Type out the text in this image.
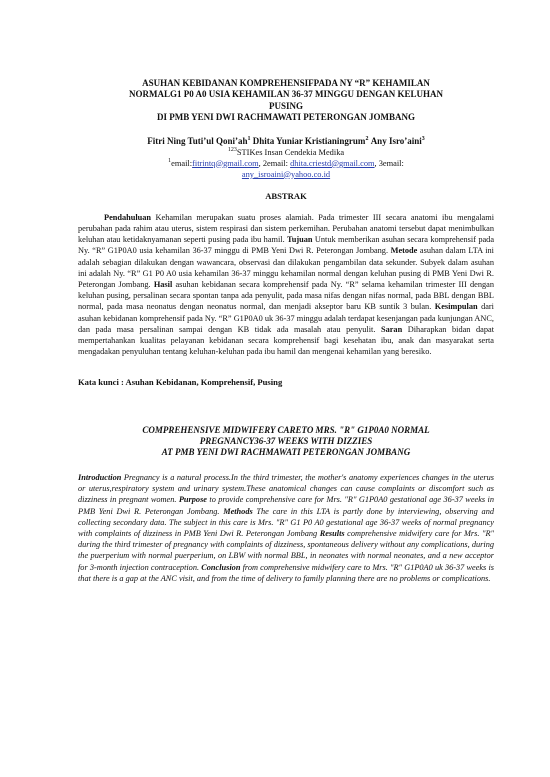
ASUHAN KEBIDANAN KOMPREHENSIFPADA NY “R” KEHAMILAN
NORMALG1 P0 A0 USIA KEHAMILAN 36-37 MINGGU DENGAN KELUHAN
PUSING
DI PMB YENI DWI RACHMAWATI PETERONGAN JOMBANG
Fitri Ning Tuti’ul $Qoni’ah^1$ Dhita Yuniar Kristianingrum$^2$ Any Isro’aini$^3$
$^{123}$STIKes Insan Cendekia Medika
$^1$email:fitrintq@gmail.com, 2email: dhita.criestd@gmail.com, 3email:
any_isroaini@yahoo.co.id
ABSTRAK
Pendahuluan Kehamilan merupakan suatu proses alamiah. Pada trimester III secara anatomi ibu mengalami perubahan pada rahim atau uterus, sistem respirasi dan sistem perkemihan. Perubahan anatomi tersebut dapat menimbulkan keluhan atau ketidaknyamanan seperti pusing pada ibu hamil. Tujuan Untuk memberikan asuhan secara komprehensif pada Ny. “R” G1P0A0 usia kehamilan 36-37 minggu di PMB Yeni Dwi R. Peterongan Jombang. Metode asuhan dalam LTA ini adalah sebagian dilakukan dengan wawancara, observasi dan dilakukan pengambilan data sekunder. Subyek dalam asuhan ini adalah Ny. “R” G1 P0 A0 usia kehamilan 36-37 minggu kehamilan normal dengan keluhan pusing di PMB Yeni Dwi R. Peterongan Jombang. Hasil asuhan kebidanan secara komprehensif pada Ny. “R” selama kehamilan trimester III dengan keluhan pusing, persalinan secara spontan tanpa ada penyulit, pada masa nifas dengan nifas normal, pada BBL dengan BBL normal, pada masa neonatus dengan neonatus normal, dan menjadi akseptor baru KB suntik 3 bulan. Kesimpulan dari asuhan kebidanan komprehensif pada Ny. “R” G1P0A0 uk 36-37 minggu adalah terdapat kesenjangan pada kunjungan ANC, dan pada masa persalinan sampai dengan KB tidak ada masalah atau penyulit. Saran Diharapkan bidan dapat mempertahankan kualitas pelayanan kebidanan secara komprehensif bagi kesehatan ibu, anak dan masyarakat serta mengadakan penyuluhan tentang keluhan-keluhan pada ibu hamil dan mengenai kehamilan yang beresiko.
Kata kunci : Asuhan Kebidanan, Komprehensif, Pusing
COMPREHENSIVE MIDWIFERY CARETO MRS. "R" G1P0A0 NORMAL
PREGNANCY36-37 WEEKS WITH DIZZIES
AT PMB YENI DWI RACHMAWATI PETERONGAN JOMBANG
Introduction Pregnancy is a natural process.In the third trimester, the mother's anatomy experiences changes in the uterus or uterus,respiratory system and urinary system.These anatomical changes can cause complaints or discomfort such as dizziness in pregnant women. Purpose to provide comprehensive care for Mrs. "R" G1P0A0 gestational age 36-37 weeks in PMB Yeni Dwi R. Peterongan Jombang. Methods The care in this LTA is partly done by interviewing, observing and collecting secondary data. The subject in this care is Mrs. "R" G1 P0 A0 gestational age 36-37 weeks of normal pregnancy with complaints of dizziness in PMB Yeni Dwi R. Peterongan Jombang Results comprehensive midwifery care for Mrs. "R" during the third trimester of pregnancy with complaints of dizziness, spontaneous delivery without any complications, during the puerperium with normal puerperium, on LBW with normal BBL, in neonates with normal neonates, and a new acceptor for 3-month injection contraception. Conclusion from comprehensive midwifery care to Mrs. "R" G1P0A0 uk 36-37 weeks is that there is a gap at the ANC visit, and from the time of delivery to family planning there are no problems or complications.
